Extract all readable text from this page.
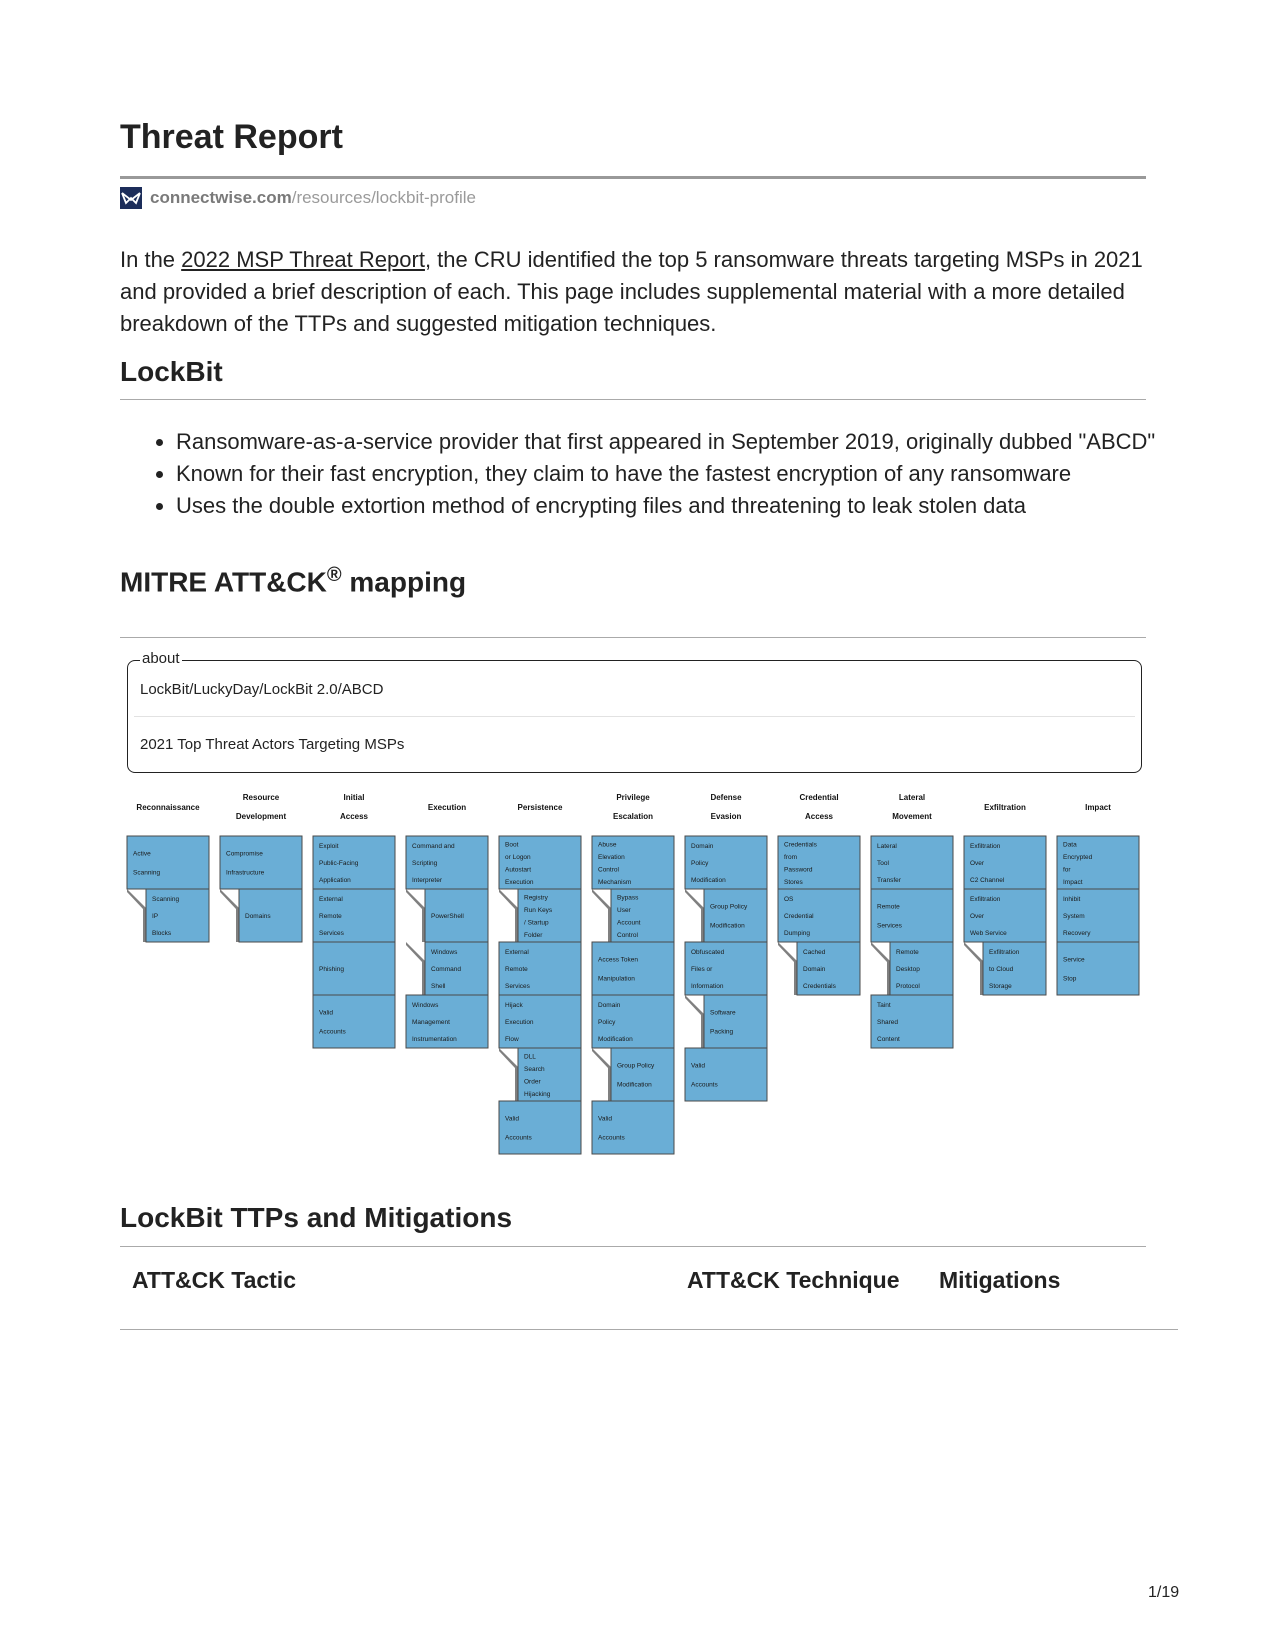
Threat Report
connectwise.com /resources/lockbit-profile

In the 2022 MSP Threat Report, the CRU identified the top 5 ransomware threats targeting MSPs in 2021 and provided a brief description of each. This page includes supplemental material with a more detailed breakdown of the TTPs and suggested mitigation techniques.

LockBit
• Ransomware-as-a-service provider that first appeared in September 2019, originally dubbed "ABCD"
• Known for their fast encryption, they claim to have the fastest encryption of any ransomware
• Uses the double extortion method of encrypting files and threatening to leak stolen data
MITRE ATT&CK® mapping
about
LockBit/LuckyDay/LockBit 2.0/ABCD
2021 Top Threat Actors Targeting MSPs
Reconnaissance
Active Scanning
Scanning IP Blocks
Resource Development
Compromise Infrastructure
Domains
Initial Access
Exploit Public-Facing Application
External Remote Services
Phishing
Valid Accounts
Execution
Command and Scripting Interpreter
PowerShell
Windows Command Shell
Windows Management Instrumentation
Persistence
Boot or Logon Autostart Execution
Registry Run Keys / Startup Folder
External Remote Services
Hijack Execution Flow
DLL Search Order Hijacking
Valid Accounts
Privilege Escalation
Abuse Elevation Control Mechanism
Bypass User Account Control
Access Token Manipulation
Domain Policy Modification
Group Policy Modification
Valid Accounts
Defense Evasion
Domain Policy Modification
Group Policy Modification
Obfuscated Files or Information
Software Packing
Valid Accounts
Credential Access
Credentials from Password Stores
OS Credential Dumping
Cached Domain Credentials
Lateral Movement
Lateral Tool Transfer
Remote Services
Remote Desktop Protocol
Taint Shared Content
Exfiltration
Exfiltration Over C2 Channel
Exfiltration Over Web Service
Exfiltration to Cloud Storage
Impact
Data Encrypted for Impact
Inhibit System Recovery
Service Stop
LockBit TTPs and Mitigations
ATT&CK Tactic	ATT&CK Technique Mitigations
1/19
